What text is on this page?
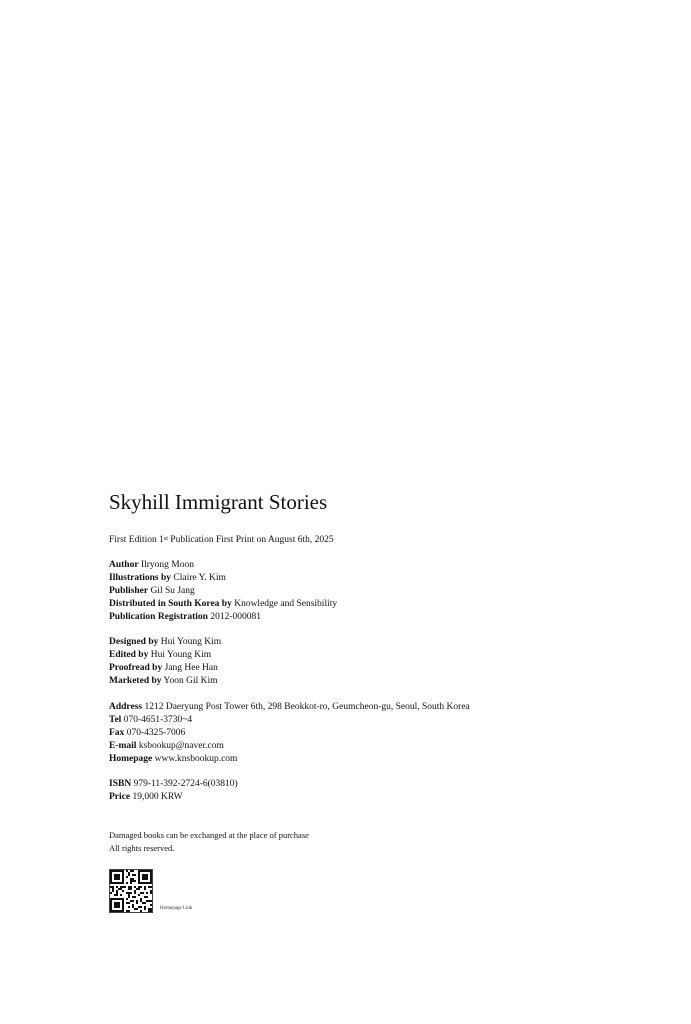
Skyhill Immigrant Stories
First Edition 1st Publication First Print on August 6th, 2025
Author Ilryong Moon
Illustrations by Claire Y. Kim
Publisher Gil Su Jang
Distributed in South Korea by Knowledge and Sensibility
Publication Registration 2012-000081
Designed by Hui Young Kim
Edited by Hui Young Kim
Proofread by Jang Hee Han
Marketed by Yoon Gil Kim
Address 1212 Daeryung Post Tower 6th, 298 Beokkot-ro, Geumcheon-gu, Seoul, South Korea
Tel 070-4651-3730~4
Fax 070-4325-7006
E-mail ksbookup@naver.com
Homepage www.knsbookup.com
ISBN 979-11-392-2724-6(03810)
Price 19,000 KRW
Damaged books can be exchanged at the place of purchase
All rights reserved.
Homepage Link
